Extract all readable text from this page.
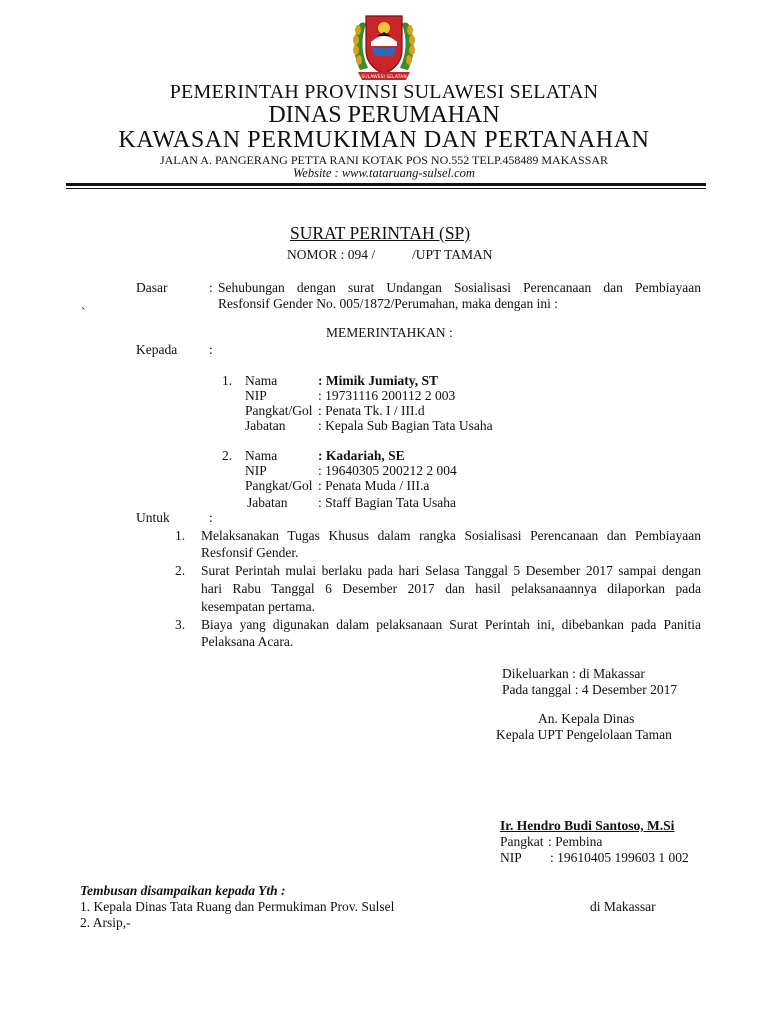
SULAWESI SELATAN
PEMERINTAH PROVINSI SULAWESI SELATAN
DINAS PERUMAHAN
KAWASAN PERMUKIMAN DAN PERTANAHAN
JALAN A. PANGERANG PETTA RANI KOTAK POS NO.552 TELP.458489 MAKASSAR
Website : www.tataruang-sulsel.com
SURAT PERINTAH (SP)
NOMOR : 094 /	/UPT TAMAN
Dasar	: Sehubungan dengan surat Undangan Sosialisasi Perencanaan dan Pembiayaan
Resfonsif Gender No. 005/1872/Perumahan, maka dengan ini :
`
MEMERINTAHKAN :
Kepada :
1. Nama	: Mimik Jumiaty, ST
NIP	: 19731116 200112 2 003
Pangkat/Gol : Penata Tk. I / III.d
Jabatan : Kepala Sub Bagian Tata Usaha
2. Nama	: Kadariah, SE
NIP	: 19640305 200212 2 004
Pangkat/Gol : Penata Muda / III.a
Jabatan : Staff Bagian Tata Usaha
Untuk	:
1. Melaksanakan Tugas Khusus dalam rangka Sosialisasi Perencanaan dan Pembiayaan
Resfonsif Gender.
2. Surat Perintah mulai berlaku pada hari Selasa Tanggal 5 Desember 2017 sampai dengan
hari Rabu Tanggal 6 Desember 2017 dan hasil pelaksanaannya dilaporkan pada
kesempatan pertama.
3. Biaya yang digunakan dalam pelaksanaan Surat Perintah ini, dibebankan pada Panitia
Pelaksana Acara.
Dikeluarkan : di Makassar
Pada tanggal : 4 Desember 2017
An. Kepala Dinas
Kepala UPT Pengelolaan Taman
Ir. Hendro Budi Santoso, M.Si
Pangkat : Pembina
NIP : 19610405 199603 1 002
Tembusan disampaikan kepada Yth :
1. Kepala Dinas Tata Ruang dan Permukiman Prov. Sulsel	di Makassar
2. Arsip,-
